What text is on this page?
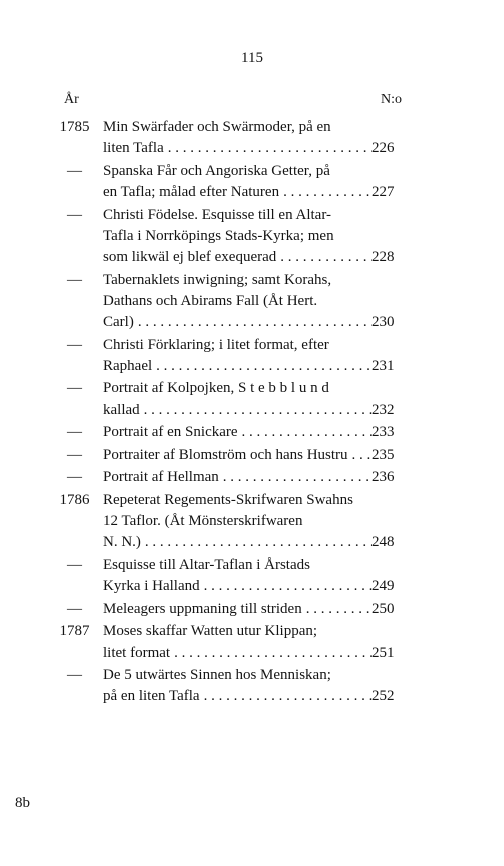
115
År	N:o
1785 Min Swärfader och Swärmoder, på en
liten Tafla . . .	226
—	Spanska Får och Angoriska Getter, på
en Tafla; målad efter Naturen . . .	227
—	Christi Födelse. Esquisse till en Altar-
Tafla i Norrköpings Stads-Kyrka; men
som likwäl ej blef exequerad . . .	228
—	Tabernaklets inwigning; samt Korahs,
Dathans och Abirams Fall (Åt Hert.
Carl) . . .	230
—	Christi Förklaring; i litet format, efter
Raphael . . .	231
—	Portrait af Kolpojken, Stebblund
kallad . . .	232
—	Portrait af en Snickare . . .	233
—	Portraiter af Blomström och hans Hustru . . . 235
—	Portrait af Hellman . . .	236
1786 Repeterat Regements-Skrifwaren Swahns
12 Taflor. (Åt Mönsterskrifwaren
N. N.) . . .	248
—	Esquisse till Altar-Taflan i Årstads
Kyrka i Halland . . .	249
—	Meleagers uppmaning till striden . . .	250
1787 Moses skaffar Watten utur Klippan;
litet format . . .	251
—	De 5 utwärtes Sinnen hos Menniskan;
på en liten Tafla . . .	252
8b
